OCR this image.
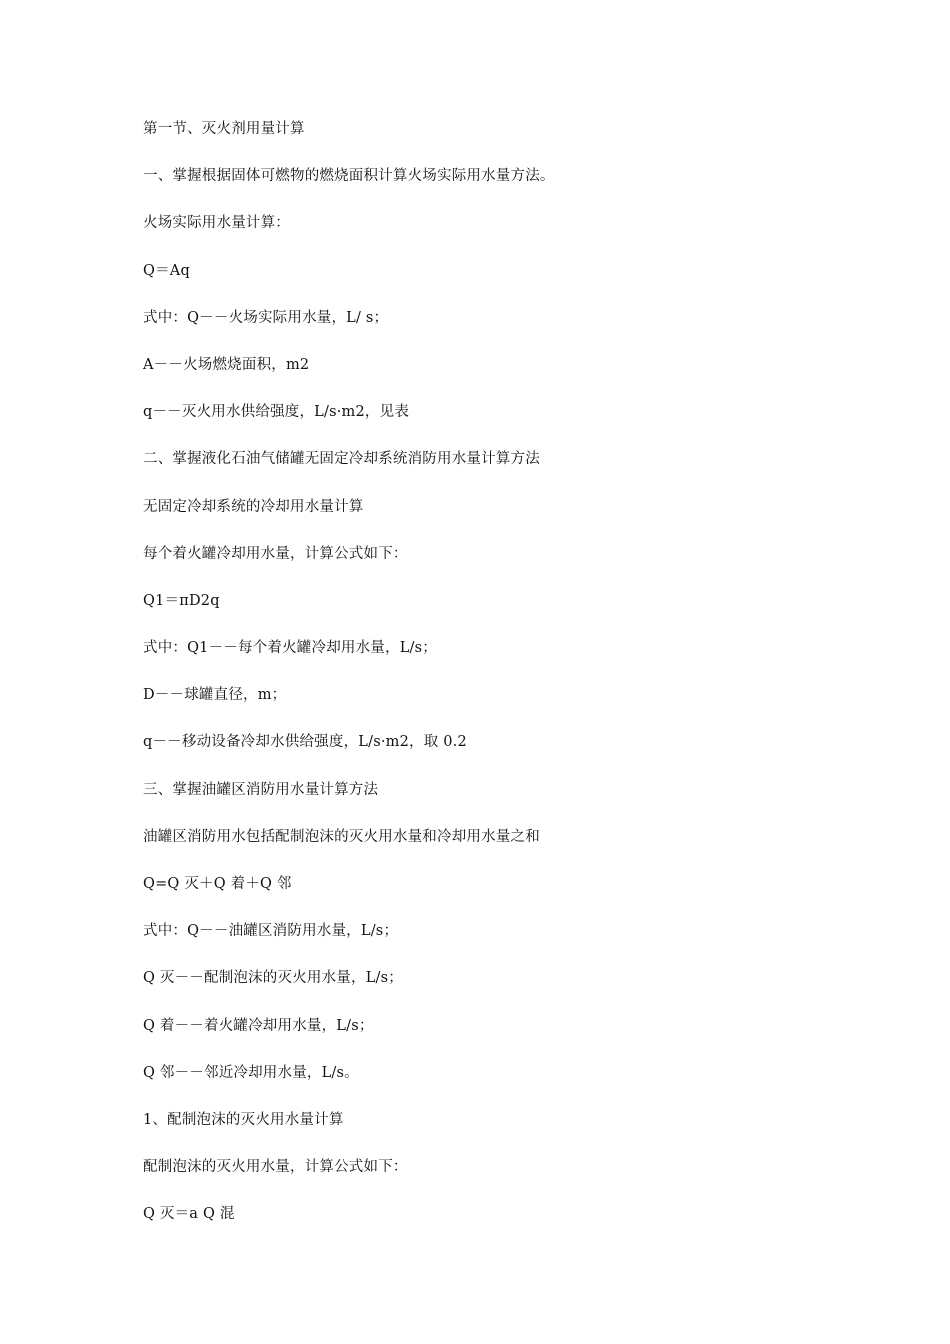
第一节、灭火剂用量计算
一、掌握根据固体可燃物的燃烧面积计算火场实际用水量方法。
火场实际用水量计算：
Q＝Aq
式中：Q－－火场实际用水量，L/ s；
A－－火场燃烧面积，m2
q－－灭火用水供给强度，L/s·m2，见表
二、掌握液化石油气储罐无固定冷却系统消防用水量计算方法
无固定冷却系统的冷却用水量计算
每个着火罐冷却用水量，计算公式如下：
Q1＝πD2q
式中：Q1－－每个着火罐冷却用水量，L/s；
D－－球罐直径，m；
q－－移动设备冷却水供给强度，L/s·m2，取 0.2
三、掌握油罐区消防用水量计算方法
油罐区消防用水包括配制泡沫的灭火用水量和冷却用水量之和
Q=Q 灭＋Q 着＋Q 邻
式中：Q－－油罐区消防用水量，L/s；
Q 灭－－配制泡沫的灭火用水量，L/s；
Q 着－－着火罐冷却用水量，L/s；
Q 邻－－邻近冷却用水量，L/s。
1、配制泡沫的灭火用水量计算
配制泡沫的灭火用水量，计算公式如下：
Q 灭＝a Q 混
